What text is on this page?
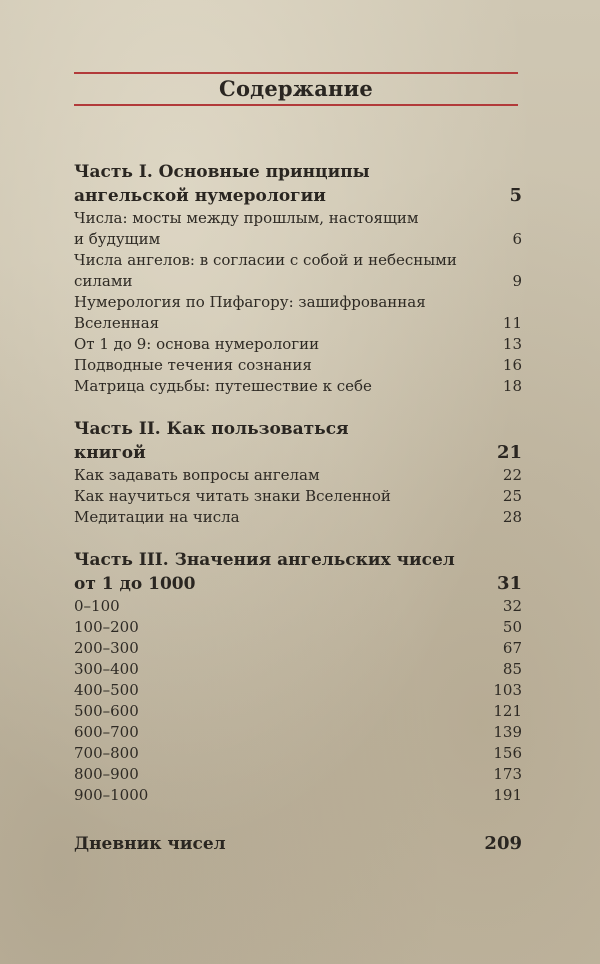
Содержание
Часть I. Основные принципы
ангельской нумерологии	5
Числа: мосты между прошлым, настоящим
и будущим	6
Числа ангелов: в согласии с собой и небесными
силами	9
Нумерология по Пифагору: зашифрованная
Вселенная	11
От 1 до 9: основа нумерологии	13
Подводные течения сознания	16
Матрица судьбы: путешествие к себе	18
Часть II. Как пользоваться
книгой	21
Как задавать вопросы ангелам	22
Как научиться читать знаки Вселенной	25
Медитации на числа	28
Часть III. Значения ангельских чисел
от 1 до 1000	31
0–100	32
100–200	50
200–300	67
300–400	85
400–500	103
500–600	121
600–700	139
700–800	156
800–900	173
900–1000	191
Дневник чисел	209
